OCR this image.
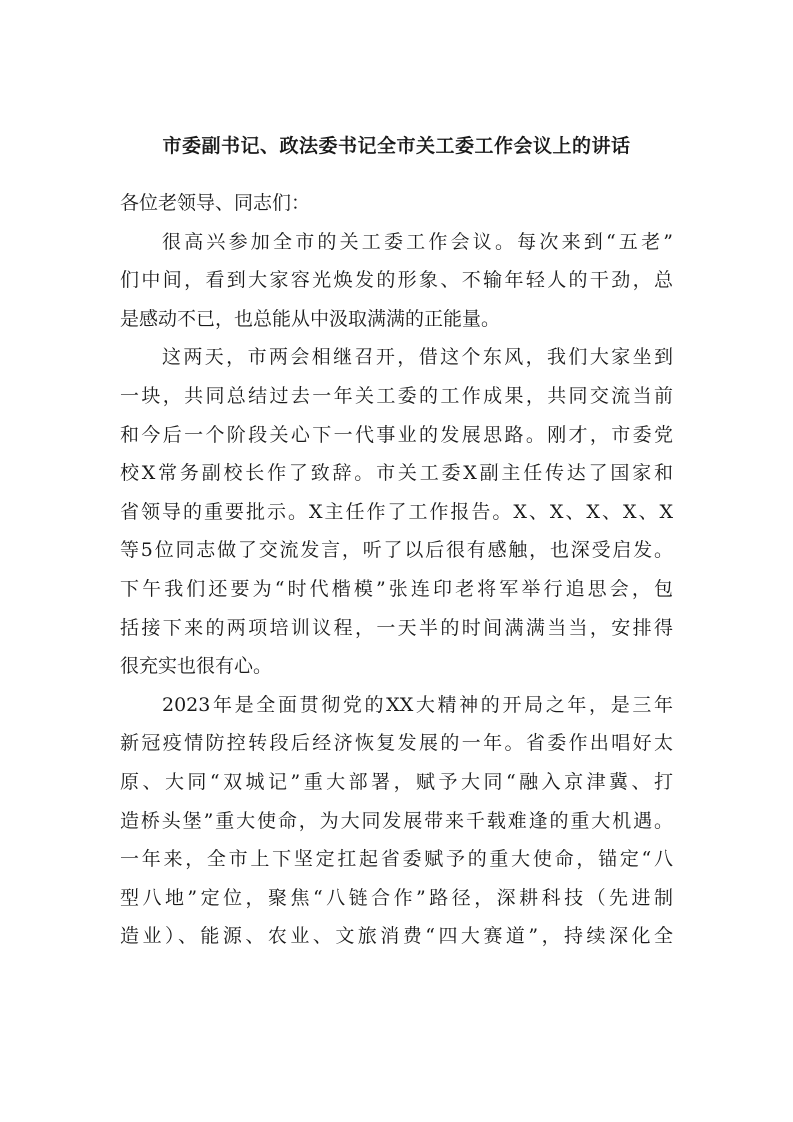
市委副书记、政法委书记全市关工委工作会议上的讲话
各位老领导、同志们：
很高兴参加全市的关工委工作会议。每次来到“五老”
们中间，看到大家容光焕发的形象、不输年轻人的干劲，总
是感动不已，也总能从中汲取满满的正能量。
这两天，市两会相继召开，借这个东风，我们大家坐到
一块，共同总结过去一年关工委的工作成果，共同交流当前
和今后一个阶段关心下一代事业的发展思路。刚才，市委党
校X常务副校长作了致辞。市关工委X副主任传达了国家和
省领导的重要批示。X主任作了工作报告。X、X、X、X、X
等5位同志做了交流发言，听了以后很有感触，也深受启发。
下午我们还要为“时代楷模”张连印老将军举行追思会，包
括接下来的两项培训议程，一天半的时间满满当当，安排得
很充实也很有心。
2023年是全面贯彻党的XX大精神的开局之年，是三年
新冠疫情防控转段后经济恢复发展的一年。省委作出唱好太
原、大同“双城记”重大部署，赋予大同“融入京津冀、打
造桥头堡”重大使命，为大同发展带来千载难逢的重大机遇。
一年来，全市上下坚定扛起省委赋予的重大使命，锚定“八
型八地”定位，聚焦“八链合作”路径，深耕科技（先进制
造业）、能源、农业、文旅消费“四大赛道”，持续深化全
